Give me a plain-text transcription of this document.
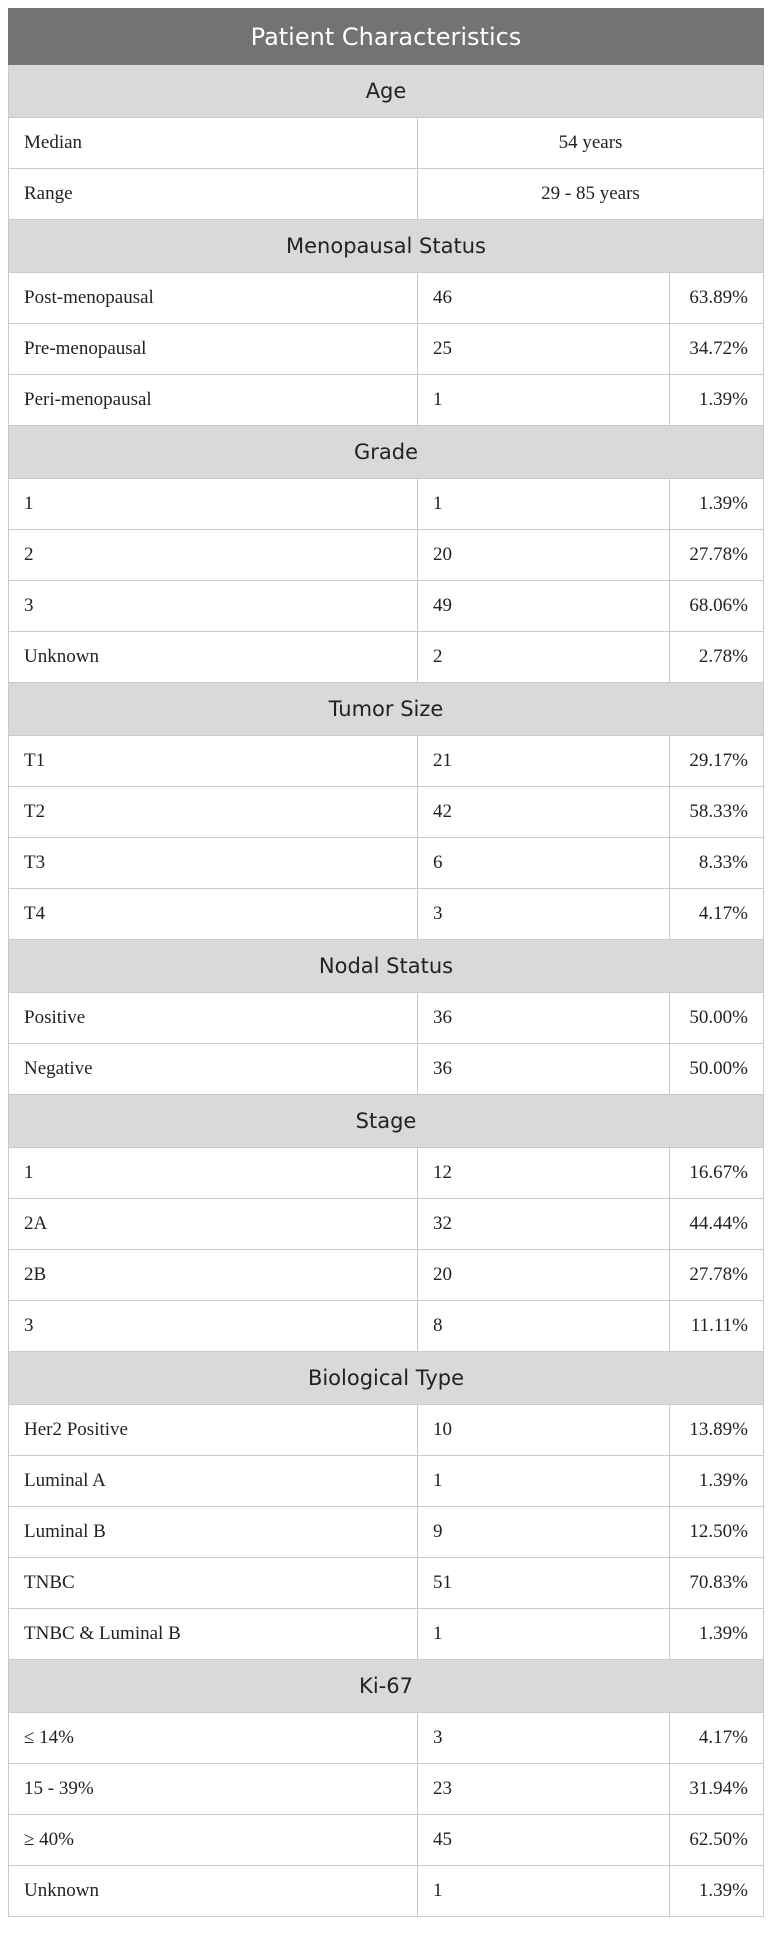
Patient Characteristics		
Age		
Median	54 years	
Range	29 - 85 years	
Menopausal Status		
Post-menopausal	46	63.89%
Pre-menopausal	25	34.72%
Peri-menopausal	1	1.39%
Grade		
1	1	1.39%
2	20	27.78%
3	49	68.06%
Unknown	2	2.78%
Tumor Size		
T1	21	29.17%
T2	42	58.33%
T3	6	8.33%
T4	3	4.17%
Nodal Status		
Positive	36	50.00%
Negative	36	50.00%
Stage		
1	12	16.67%
2A	32	44.44%
2B	20	27.78%
3	8	11.11%
Biological Type		
Her2 Positive	10	13.89%
Luminal A	1	1.39%
Luminal B	9	12.50%
TNBC	51	70.83%
TNBC & Luminal B	1	1.39%
Ki-67		
≤ 14%	3	4.17%
15 - 39%	23	31.94%
≥ 40%	45	62.50%
Unknown	1	1.39%
